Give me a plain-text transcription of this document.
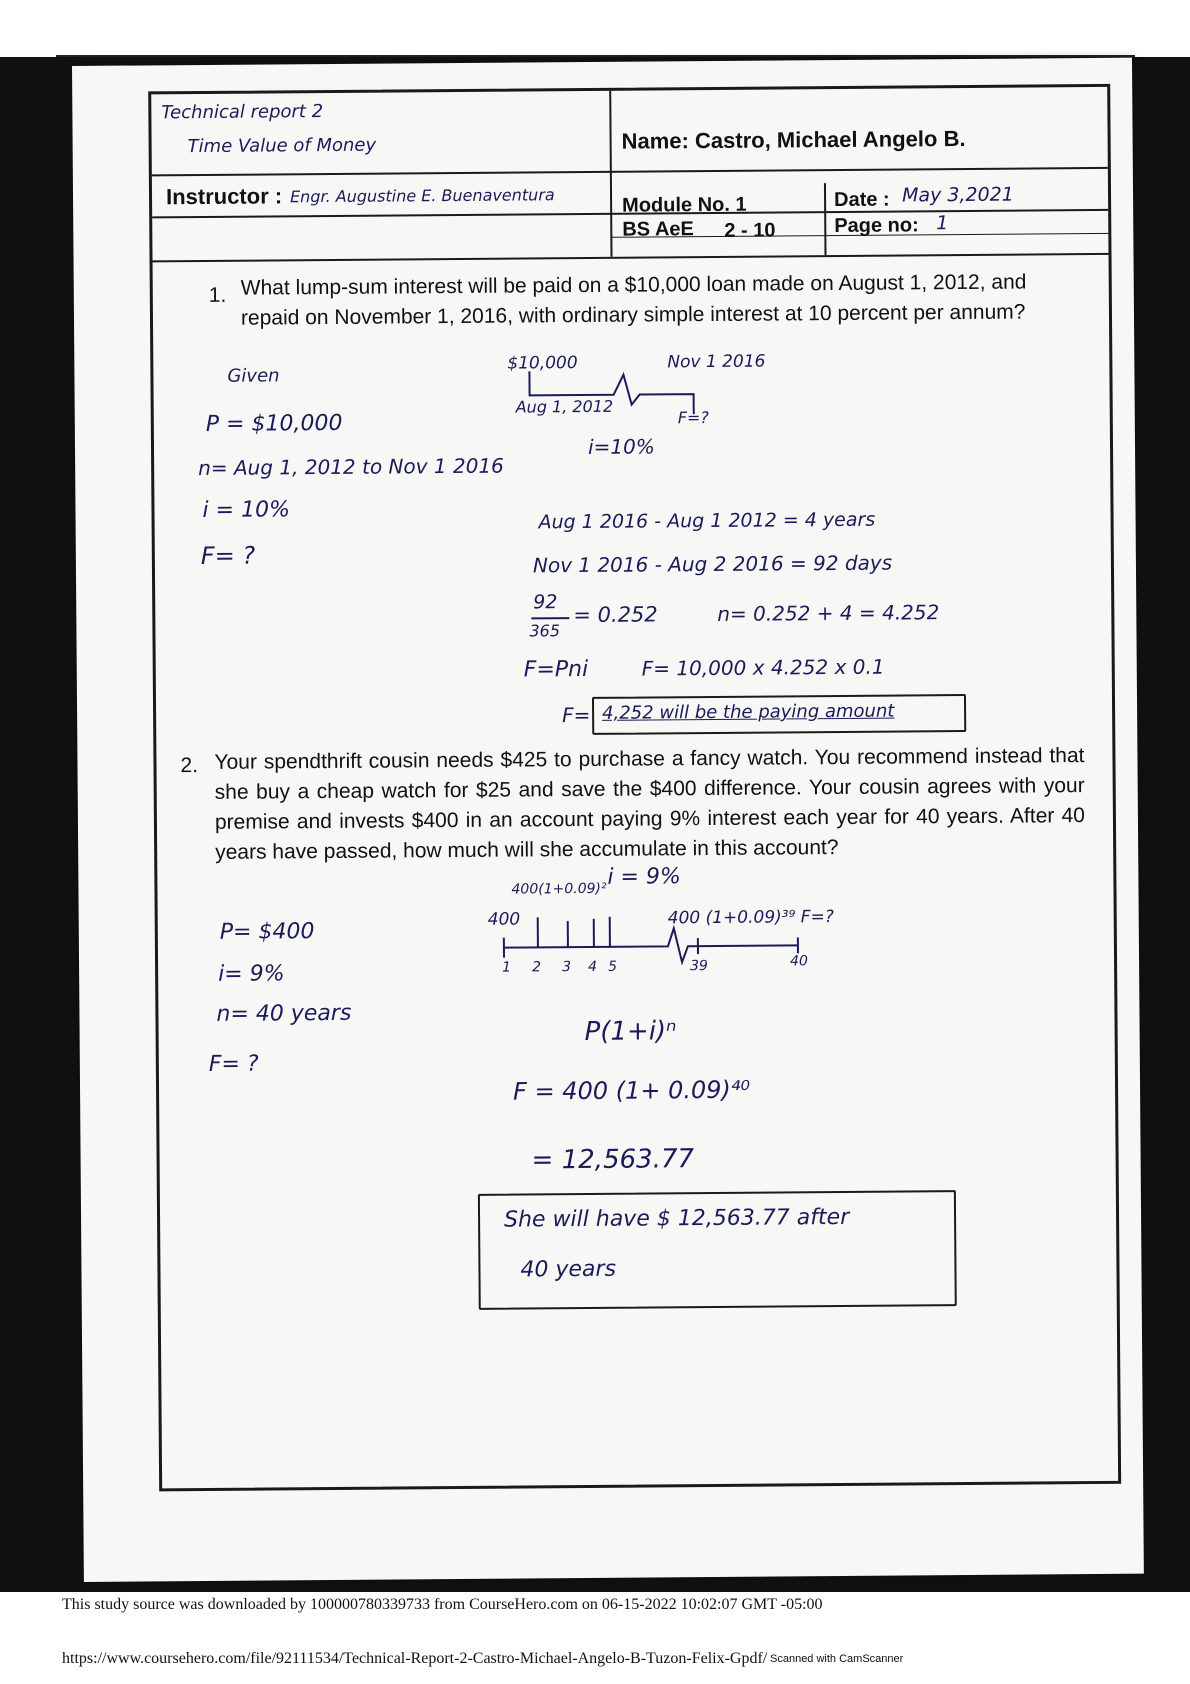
Technical report 2
Time Value of Money	Name: Castro, Michael Angelo B.
Instructor : Engr. Augustine E. Buenaventura	Module No. 1
BS AeE 2 - 10
Date : May 3,2021
Page no: 1
1. What lump-sum interest will be paid on a $10,000 loan made on August 1, 2012, and repaid on November 1, 2016, with ordinary simple interest at 10 percent per annum?
Given
P = $10,000
n= Aug 1, 2012 to Nov 1 2016
i = 10%
F= ?
$10,000
Aug 1, 2012
Nov 1 2016
F=?
i=10%
Aug 1 2016 - Aug 1 2012 = 4 years
Nov 1 2016 - Aug 2 2016 = 92 days
92
365
= 0.252	n= 0.252 + 4 = 4.252
F=Pni	F= 10,000 x 4.252 x 0.1
F= 4,252 will be the paying amount
2. Your spendthrift cousin needs $425 to purchase a fancy watch. You recommend instead that she buy a cheap watch for $25 and save the $400 difference. Your cousin agrees with your premise and invests $400 in an account paying 9% interest each year for 40 years. After 40 years have passed, how much will she accumulate in this account?
P= $400
i= 9%
n= 40 years
F= ?
400(1+0.09)² i = 9%
400	400 (1+0.09)³⁹ F=?
1 2 3 4 5	39	40
P(1+i)ⁿ
F = 400 (1+ 0.09)⁴⁰
= 12,563.77
She will have $ 12,563.77 after
40 years
This study source was downloaded by 100000780339733 from CourseHero.com on 06-15-2022 10:02:07 GMT -05:00
https://www.coursehero.com/file/92111534/Technical-Report-2-Castro-Michael-Angelo-B-Tuzon-Felix-Gpdf/ Scanned with CamScanner
